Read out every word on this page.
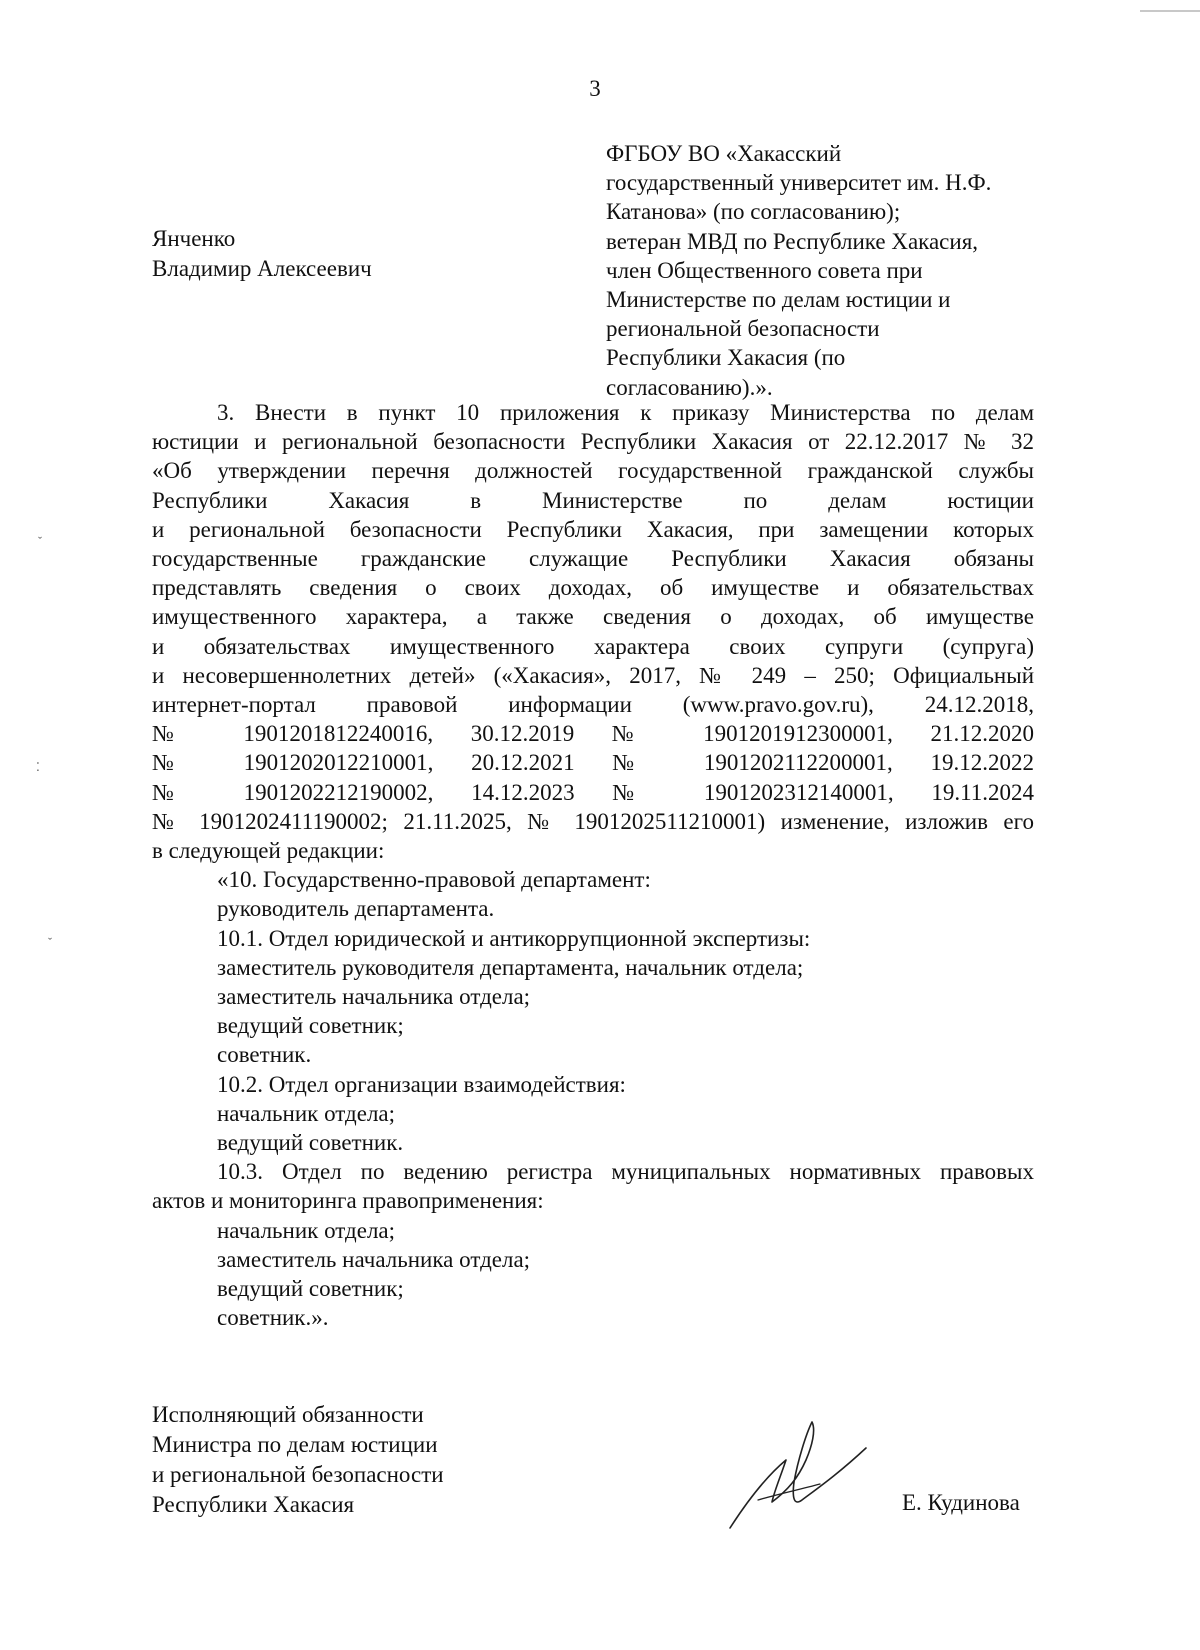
ˇ
⁚
ˇ
3
Янченко
Владимир Алексеевич
ФГБОУ ВО «Хакасский
государственный университет им. Н.Ф.
Катанова» (по согласованию);
ветеран МВД по Республике Хакасия,
член Общественного совета при
Министерстве по делам юстиции и
региональной безопасности
Республики Хакасия (по
согласованию).».
3. Внести в пункт 10 приложения к приказу Министерства по делам
юстиции и региональной безопасности Республики Хакасия от 22.12.2017 № 32
«Об утверждении перечня должностей государственной гражданской службы
Республики Хакасия в Министерстве по делам юстиции
и региональной безопасности Республики Хакасия, при замещении которых
государственные гражданские служащие Республики Хакасия обязаны
представлять сведения о своих доходах, об имуществе и обязательствах
имущественного характера, а также сведения о доходах, об имуществе
и обязательствах имущественного характера своих супруги (супруга)
и несовершеннолетних детей» («Хакасия», 2017, № 249 – 250; Официальный
интернет-портал правовой информации (www.pravo.gov.ru), 24.12.2018,
№ 1901201812240016, 30.12.2019 № 1901201912300001, 21.12.2020
№ 1901202012210001, 20.12.2021 № 1901202112200001, 19.12.2022
№ 1901202212190002, 14.12.2023 № 1901202312140001, 19.11.2024
№ 1901202411190002; 21.11.2025, № 1901202511210001) изменение, изложив его
в следующей редакции:
«10. Государственно-правовой департамент:
руководитель департамента.
10.1. Отдел юридической и антикоррупционной экспертизы:
заместитель руководителя департамента, начальник отдела;
заместитель начальника отдела;
ведущий советник;
советник.
10.2. Отдел организации взаимодействия:
начальник отдела;
ведущий советник.
10.3. Отдел по ведению регистра муниципальных нормативных правовых
актов и мониторинга правоприменения:
начальник отдела;
заместитель начальника отдела;
ведущий советник;
советник.».
Исполняющий обязанности
Министра по делам юстиции
и региональной безопасности
Республики Хакасия	Е. Кудинова
